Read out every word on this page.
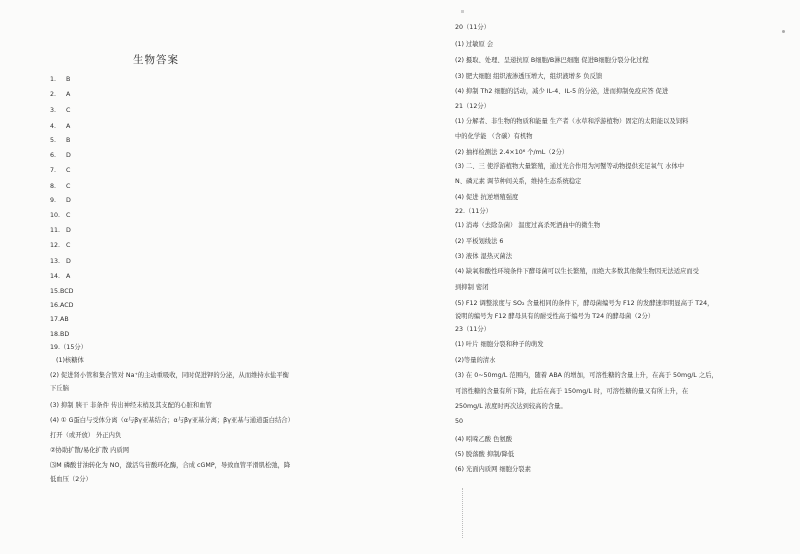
生物答案
1. B
2. A
3. C
4. A
5. B
6. D
7. C
8. C
9. D
10. C
11. D
12. C
13. D
14. A
15.BCD
16.ACD
17.AB
18.BD
19.（15分）
(1)核糖体
(2) 促进肾小管和集合管对 Na⁺的主动重吸收，同时促进钾的分泌，从而维持水盐平衡
下丘脑
(3) 抑制 胰干 非条件 传出神经末梢及其支配的心脏和血管
(4) ① G蛋白与受体分离（α与βγ亚基结合；α与βγ亚基分离；βγ亚基与通道蛋白结合）
打开（或开放） 外正内负
②协助扩散/易化扩散 内质网
⑶M 磷酸甘油转化为 NO，激活鸟苷酸环化酶，合成 cGMP，导致血管平滑肌松弛，降
低血压（2分）
20（11分）
(1) 过敏原 会
(2) 摄取、处理、呈递抗原 B细胞/B淋巴细胞 促进B细胞分裂分化过程
(3) 肥大细胞 组织液渗透压增大，组织液增多 负反馈
(4) 抑制 Th2 细胞的活动，减少 IL-4、IL-5 的分泌，进而抑制免疫应答 促进
21（12分）
(1) 分解者、非生物的物质和能量 生产者（水草和浮游植物）固定的太阳能以及饲料
中的化学能 （含碳）有机物
(2) 抽样检测法 2.4×10⁶ 个/mL（2分）
(3) 二、三 使浮游植物大量繁殖，通过光合作用为河蟹等动物提供充足氧气 水体中
N、磷元素 调节种间关系，维持生态系统稳定
(4) 促进 抗逆增殖强度
22.（11分）
(1) 消毒（去除杂菌） 温度过高杀死酒曲中的微生物
(2) 平板划线法 6
(3) 液体 湿热灭菌法
(4) 缺氧和酸性环境条件下酵母菌可以生长繁殖，而绝大多数其他微生物因无法适应而受
到抑制 密闭
(5) F12 调整浓度与 SO₂ 含量相同的条件下，酵母菌编号为 F12 的发酵速率明显高于 T24，
说明的编号为 F12 酵母具有的耐受性高于编号为 T24 的酵母菌（2分）
23（11分）
(1) 叶片 细胞分裂和种子的萌发
(2)等量的清水
(3) 在 0~50mg/L 范围内，随着 ABA 的增加，可溶性糖的含量上升，在高于 50mg/L 之后，
可溶性糖的含量有所下降，此后在高于 150mg/L 时，可溶性糖的量又有所上升，在
250mg/L 浓度时再次达到较高的含量。
50
(4) 吲哚乙酸 色氨酸
(5) 脱落酸 抑制/降低
(6) 光面内质网 细胞分裂素
